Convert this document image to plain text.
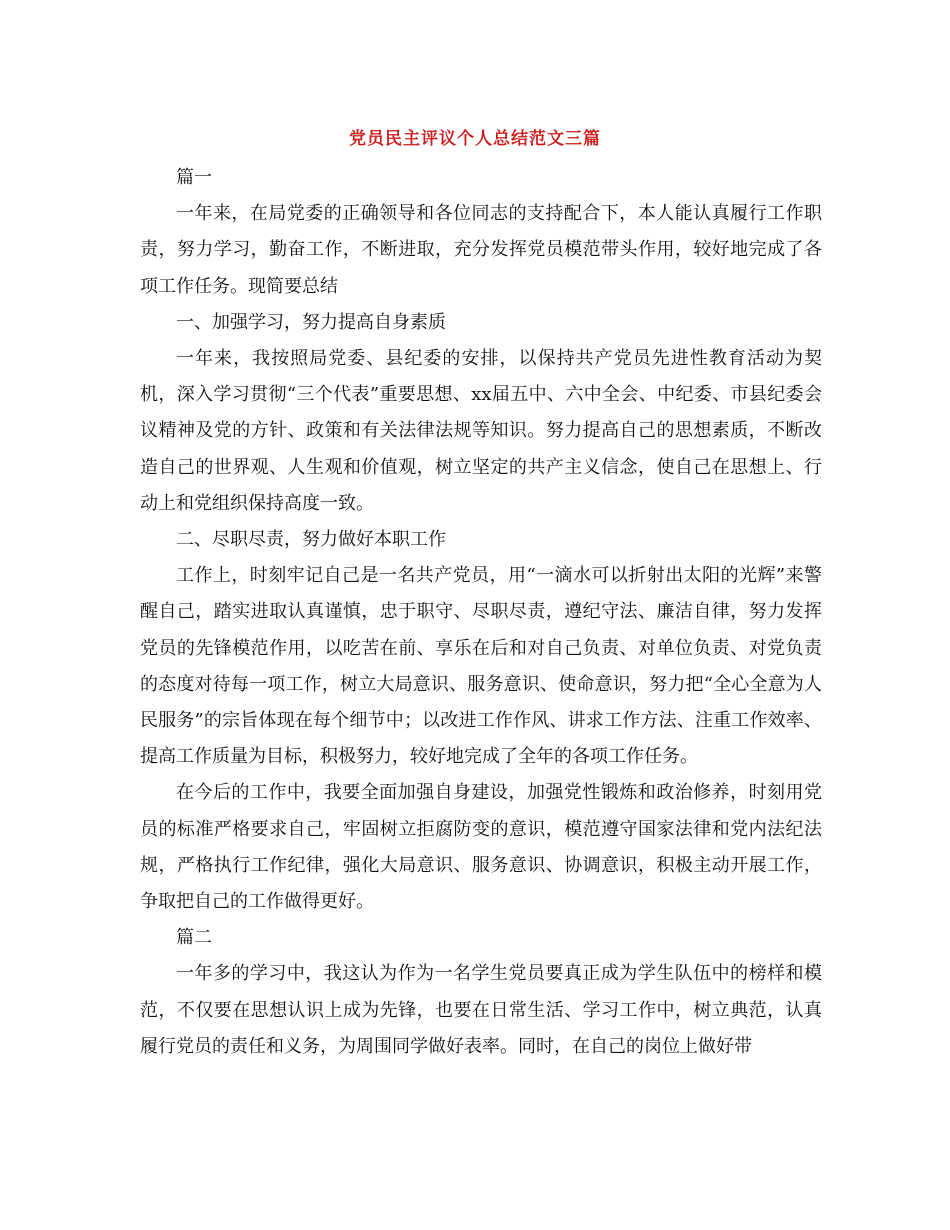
党员民主评议个人总结范文三篇

篇一

一年来，在局党委的正确领导和各位同志的支持配合下，本人能认真履行工作职责，努力学习，勤奋工作，不断进取，充分发挥党员模范带头作用，较好地完成了各项工作任务。现简要总结

一、加强学习，努力提高自身素质

一年来，我按照局党委、县纪委的安排，以保持共产党员先进性教育活动为契机，深入学习贯彻“三个代表”重要思想、xx届五中、六中全会、中纪委、市县纪委会议精神及党的方针、政策和有关法律法规等知识。努力提高自己的思想素质，不断改造自己的世界观、人生观和价值观，树立坚定的共产主义信念，使自己在思想上、行动上和党组织保持高度一致。

二、尽职尽责，努力做好本职工作

工作上，时刻牢记自己是一名共产党员，用“一滴水可以折射出太阳的光辉”来警醒自己，踏实进取认真谨慎，忠于职守、尽职尽责，遵纪守法、廉洁自律，努力发挥党员的先锋模范作用，以吃苦在前、享乐在后和对自己负责、对单位负责、对党负责的态度对待每一项工作，树立大局意识、服务意识、使命意识，努力把“全心全意为人民服务”的宗旨体现在每个细节中；以改进工作作风、讲求工作方法、注重工作效率、提高工作质量为目标，积极努力，较好地完成了全年的各项工作任务。

在今后的工作中，我要全面加强自身建设，加强党性锻炼和政治修养，时刻用党员的标准严格要求自己，牢固树立拒腐防变的意识，模范遵守国家法律和党内法纪法规，严格执行工作纪律，强化大局意识、服务意识、协调意识，积极主动开展工作，争取把自己的工作做得更好。

篇二

一年多的学习中，我这认为作为一名学生党员要真正成为学生队伍中的榜样和模范，不仅要在思想认识上成为先锋，也要在日常生活、学习工作中，树立典范，认真履行党员的责任和义务，为周围同学做好表率。同时，在自己的岗位上做好带
